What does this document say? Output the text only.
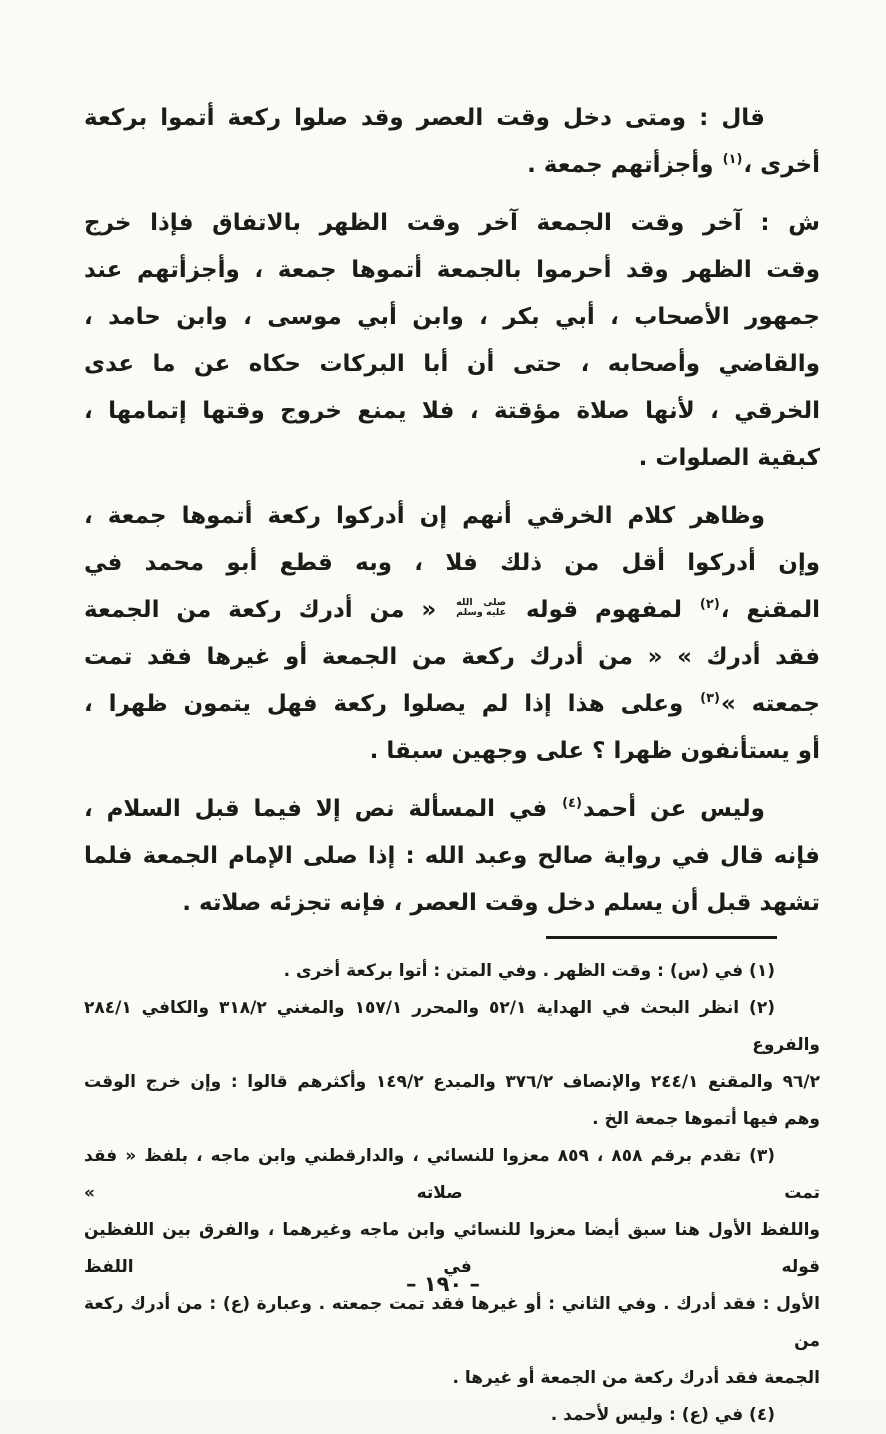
قال : ومتى دخل وقت العصر وقد صلوا ركعة أتموا بركعة
أخرى ،$^{(١)}$ وأجزأتهم جمعة .
ش : آخر وقت الجمعة آخر وقت الظهر بالاتفاق فإذا خرج
وقت الظهر وقد أحرموا بالجمعة أتموها جمعة ، وأجزأتهم عند
جمهور الأصحاب ، أبي بكر ، وابن أبي موسى ، وابن حامد ،
والقاضي وأصحابه ، حتى أن أبا البركات حكاه عن ما عدى
الخرقي ، لأنها صلاة مؤقتة ، فلا يمنع خروج وقتها إتمامها ،
كبقية الصلوات .
وظاهر كلام الخرقي أنهم إن أدركوا ركعة أتموها جمعة ،
وإن أدركوا أقل من ذلك فلا ، وبه قطع أبو محمد في
المقنع ،$^{(٢)}$ لمفهوم قوله
صلى الله
عليه وسلم
« من أدرك ركعة من الجمعة
فقد أدرك » « من أدرك ركعة من الجمعة أو غيرها فقد تمت
جمعته »$^{(٣)}$ وعلى هذا إذا لم يصلوا ركعة فهل يتمون ظهرا ،
أو يستأنفون ظهرا ؟ على وجهين سبقا .
وليس عن أحمد$^{(٤)}$ في المسألة نص إلا فيما قبل السلام ،
فإنه قال في رواية صالح وعبد الله : إذا صلى الإمام الجمعة فلما
تشهد قبل أن يسلم دخل وقت العصر ، فإنه تجزئه صلاته .
(١) في (س) : وقت الظهر . وفي المتن : أتوا بركعة أخرى .
(٢) انظر البحث في الهداية ٥٢/١ والمحرر ١٥٧/١ والمغني ٣١٨/٢ والكافي ٢٨٤/١ والفروع
٩٦/٢ والمقنع ٢٤٤/١ والإنصاف ٣٧٦/٢ والمبدع ١٤٩/٢ وأكثرهم قالوا : وإن خرج الوقت
وهم فيها أتموها جمعة الخ .
(٣) تقدم برقم ٨٥٨ ، ٨٥٩ معزوا للنسائي ، والدارقطني وابن ماجه ، بلفظ « فقد تمت صلاته »
واللفظ الأول هنا سبق أيضا معزوا للنسائي وابن ماجه وغيرهما ، والفرق بين اللفظين قوله في اللفظ
الأول : فقد أدرك . وفي الثاني : أو غيرها فقد تمت جمعته . وعبارة (ع) : من أدرك ركعة من
الجمعة فقد أدرك ركعة من الجمعة أو غيرها .
(٤) في (ع) : وليس لأحمد .
– ١٩٠ –
